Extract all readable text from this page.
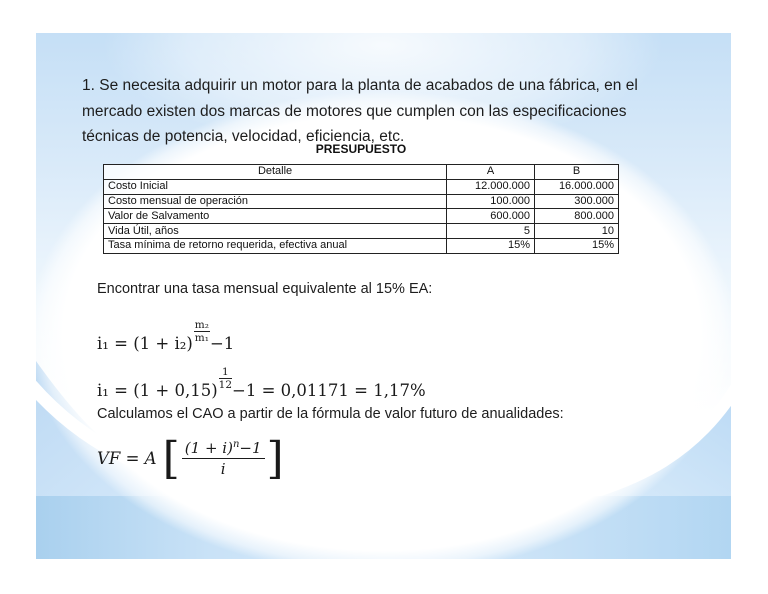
1. Se necesita adquirir un motor para la planta de acabados de una fábrica, en el
mercado existen dos marcas de motores que cumplen con las especificaciones
técnicas de potencia, velocidad, eficiencia, etc.
PRESUPUESTO
Detalle	A	B
Costo Inicial	12.000.000	16.000.000
Costo mensual de operación	100.000	300.000
Valor de Salvamento	600.000	800.000
Vida Útil, años	5	10
Tasa mínima de retorno requerida, efectiva anual	15%	15%
Encontrar una tasa mensual equivalente al 15% EA:
$i_1 = (1 + i_2) \frac{\text{m₂}}{\text{m₁}} -1$
$i_1 = (1 + 0,15) \frac{1}{12} -1 = 0,01171 = 1,17\%$
Calculamos el CAO a partir de la fórmula de valor futuro de anualidades:
VF = A [ $\frac{(1 + i)^n-1}{i}$ ]
